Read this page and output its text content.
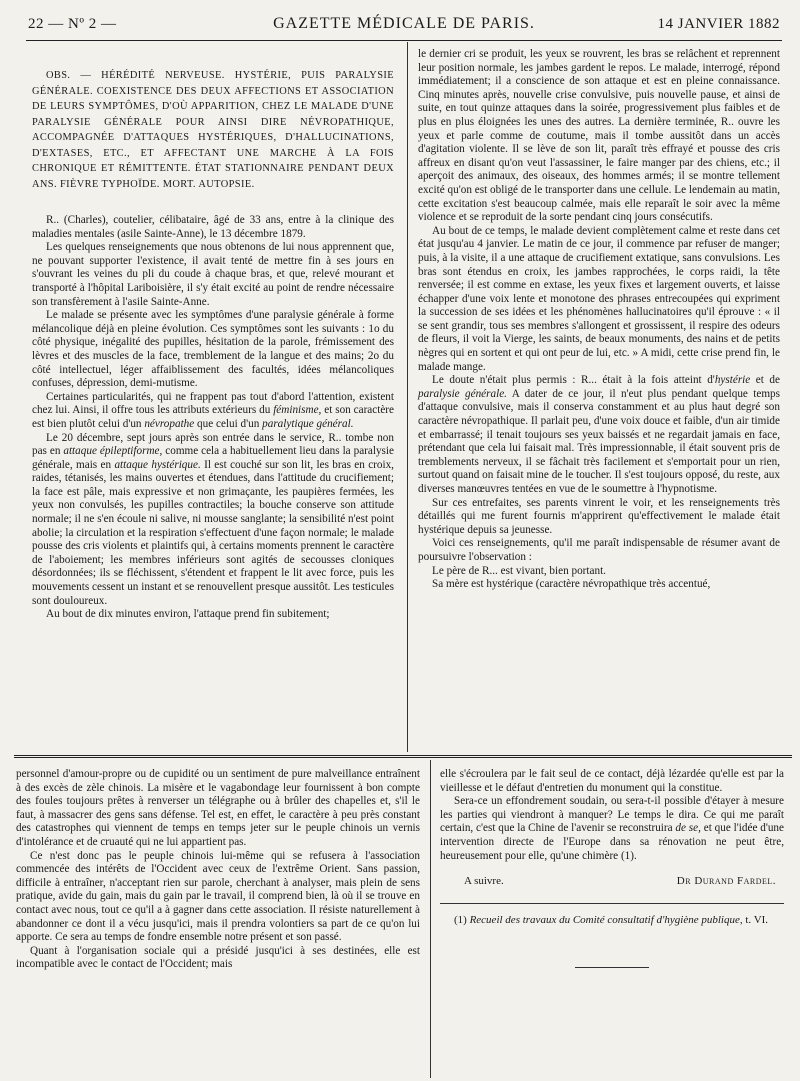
22 — Nº 2 —	GAZETTE MÉDICALE DE PARIS.	14 JANVIER 1882

OBS. — HÉRÉDITÉ NERVEUSE. HYSTÉRIE, PUIS PARALYSIE GÉNÉRALE. COEXISTENCE DES DEUX AFFECTIONS ET ASSOCIATION DE LEURS SYMPTÔMES, D'OÙ APPARITION, CHEZ LE MALADE D'UNE PARALYSIE GÉNÉRALE POUR AINSI DIRE NÉVROPATHIQUE, ACCOMPAGNÉE D'ATTAQUES HYSTÉRIQUES, D'HALLUCINATIONS, D'EXTASES, ETC., ET AFFECTANT UNE MARCHE À LA FOIS CHRONIQUE ET RÉMITTENTE. ÉTAT STATIONNAIRE PENDANT DEUX ANS. FIÈVRE TYPHOÏDE. MORT. AUTOPSIE.

R.. (Charles), coutelier, célibataire, âgé de 33 ans, entre à la clinique des maladies mentales (asile Sainte-Anne), le 13 décembre 1879.

Les quelques renseignements que nous obtenons de lui nous apprennent que, ne pouvant supporter l'existence, il avait tenté de mettre fin à ses jours en s'ouvrant les veines du pli du coude à chaque bras, et que, relevé mourant et transporté à l'hôpital Lariboisière, il s'y était excité au point de rendre nécessaire son transfèrement à l'asile Sainte-Anne.

Le malade se présente avec les symptômes d'une paralysie générale à forme mélancolique déjà en pleine évolution. Ces symptômes sont les suivants : 1o du côté physique, inégalité des pupilles, hésitation de la parole, frémissement des lèvres et des muscles de la face, tremblement de la langue et des mains; 2o du côté intellectuel, léger affaiblissement des facultés, idées mélancoliques confuses, dépression, demi-mutisme.

Certaines particularités, qui ne frappent pas tout d'abord l'attention, existent chez lui. Ainsi, il offre tous les attributs extérieurs du féminisme, et son caractère est bien plutôt celui d'un névropathe que celui d'un paralytique général.

Le 20 décembre, sept jours après son entrée dans le service, R.. tombe non pas en attaque épileptiforme, comme cela a habituellement lieu dans la paralysie générale, mais en attaque hystérique. Il est couché sur son lit, les bras en croix, raides, tétanisés, les mains ouvertes et étendues, dans l'attitude du crucifiement; la face est pâle, mais expressive et non grimaçante, les paupières fermées, les yeux non convulsés, les pupilles contractiles; la bouche conserve son attitude normale; il ne s'en écoule ni salive, ni mousse sanglante; la sensibilité n'est point abolie; la circulation et la respiration s'effectuent d'une façon normale; le malade pousse des cris violents et plaintifs qui, à certains moments prennent le caractère de l'aboiement; les membres inférieurs sont agités de secousses cloniques désordonnées; ils se fléchissent, s'étendent et frappent le lit avec force, puis les mouvements cessent un instant et se renouvellent presque aussitôt. Les testicules sont douloureux.

Au bout de dix minutes environ, l'attaque prend fin subitement;

le dernier cri se produit, les yeux se rouvrent, les bras se relâchent et reprennent leur position normale, les jambes gardent le repos. Le malade, interrogé, répond immédiatement; il a conscience de son attaque et est en pleine connaissance. Cinq minutes après, nouvelle crise convulsive, puis nouvelle pause, et ainsi de suite, en tout quinze attaques dans la soirée, progressivement plus faibles et de plus en plus éloignées les unes des autres. La dernière terminée, R.. ouvre les yeux et parle comme de coutume, mais il tombe aussitôt dans un accès d'agitation violente. Il se lève de son lit, paraît très effrayé et pousse des cris affreux en disant qu'on veut l'assassiner, le faire manger par des chiens, etc.; il aperçoit des animaux, des oiseaux, des hommes armés; il se montre tellement excité qu'on est obligé de le transporter dans une cellule. Le lendemain au matin, cette excitation s'est beaucoup calmée, mais elle reparaît le soir avec la même violence et se reproduit de la sorte pendant cinq jours consécutifs.

Au bout de ce temps, le malade devient complètement calme et reste dans cet état jusqu'au 4 janvier. Le matin de ce jour, il commence par refuser de manger; puis, à la visite, il a une attaque de crucifiement extatique, sans convulsions. Les bras sont étendus en croix, les jambes rapprochées, le corps raidi, la tête renversée; il est comme en extase, les yeux fixes et largement ouverts, et laisse échapper d'une voix lente et monotone des phrases entrecoupées qui expriment la succession de ses idées et les phénomènes hallucinatoires qu'il éprouve : « il se sent grandir, tous ses membres s'allongent et grossissent, il respire des odeurs de fleurs, il voit la Vierge, les saints, de beaux monuments, des nains et de petits nègres qui en sortent et qui ont peur de lui, etc. » A midi, cette crise prend fin, le malade mange.

Le doute n'était plus permis : R... était à la fois atteint d'hystérie et de paralysie générale. A dater de ce jour, il n'eut plus pendant quelque temps d'attaque convulsive, mais il conserva constamment et au plus haut degré son caractère névropathique. Il parlait peu, d'une voix douce et faible, d'un air timide et embarrassé; il tenait toujours ses yeux baissés et ne regardait jamais en face, prétendant que cela lui faisait mal. Très impressionnable, il était souvent pris de tremblements nerveux, il se fâchait très facilement et s'emportait pour un rien, surtout quand on faisait mine de le toucher. Il s'est toujours opposé, du reste, aux diverses manœuvres tentées en vue de le soumettre à l'hypnotisme.

Sur ces entrefaites, ses parents vinrent le voir, et les renseignements très détaillés qui me furent fournis m'apprirent qu'effectivement le malade était hystérique depuis sa jeunesse.

Voici ces renseignements, qu'il me paraît indispensable de résumer avant de poursuivre l'observation :

Le père de R... est vivant, bien portant.

Sa mère est hystérique (caractère névropathique très accentué,

personnel d'amour-propre ou de cupidité ou un sentiment de pure malveillance entraînent à des excès de zèle chinois. La misère et le vagabondage leur fournissent à bon compte des foules toujours prêtes à renverser un télégraphe ou à brûler des chapelles et, s'il le faut, à massacrer des gens sans défense. Tel est, en effet, le caractère à peu près constant des catastrophes qui viennent de temps en temps jeter sur le peuple chinois un vernis d'intolérance et de cruauté qui ne lui appartient pas.

Ce n'est donc pas le peuple chinois lui-même qui se refusera à l'association commencée des intérêts de l'Occident avec ceux de l'extrême Orient. Sans passion, difficile à entraîner, n'acceptant rien sur parole, cherchant à analyser, mais plein de sens pratique, avide du gain, mais du gain par le travail, il comprend bien, là où il se trouve en contact avec nous, tout ce qu'il a à gagner dans cette association. Il résiste naturellement à abandonner ce dont il a vécu jusqu'ici, mais il prendra volontiers sa part de ce qu'on lui apporte. Ce sera au temps de fondre ensemble notre présent et son passé.

Quant à l'organisation sociale qui a présidé jusqu'ici à ses destinées, elle est incompatible avec le contact de l'Occident; mais

elle s'écroulera par le fait seul de ce contact, déjà lézardée qu'elle est par la vieillesse et le défaut d'entretien du monument qui la constitue.

Sera-ce un effondrement soudain, ou sera-t-il possible d'étayer à mesure les parties qui viendront à manquer? Le temps le dira. Ce qui me paraît certain, c'est que la Chine de l'avenir se reconstruira de se, et que l'idée d'une intervention directe de l'Europe dans sa rénovation ne peut être, heureusement pour elle, qu'une chimère (1).

A suivre.	Dr Durand Fardel.

(1) Recueil des travaux du Comité consultatif d'hygiène publique, t. VI.
